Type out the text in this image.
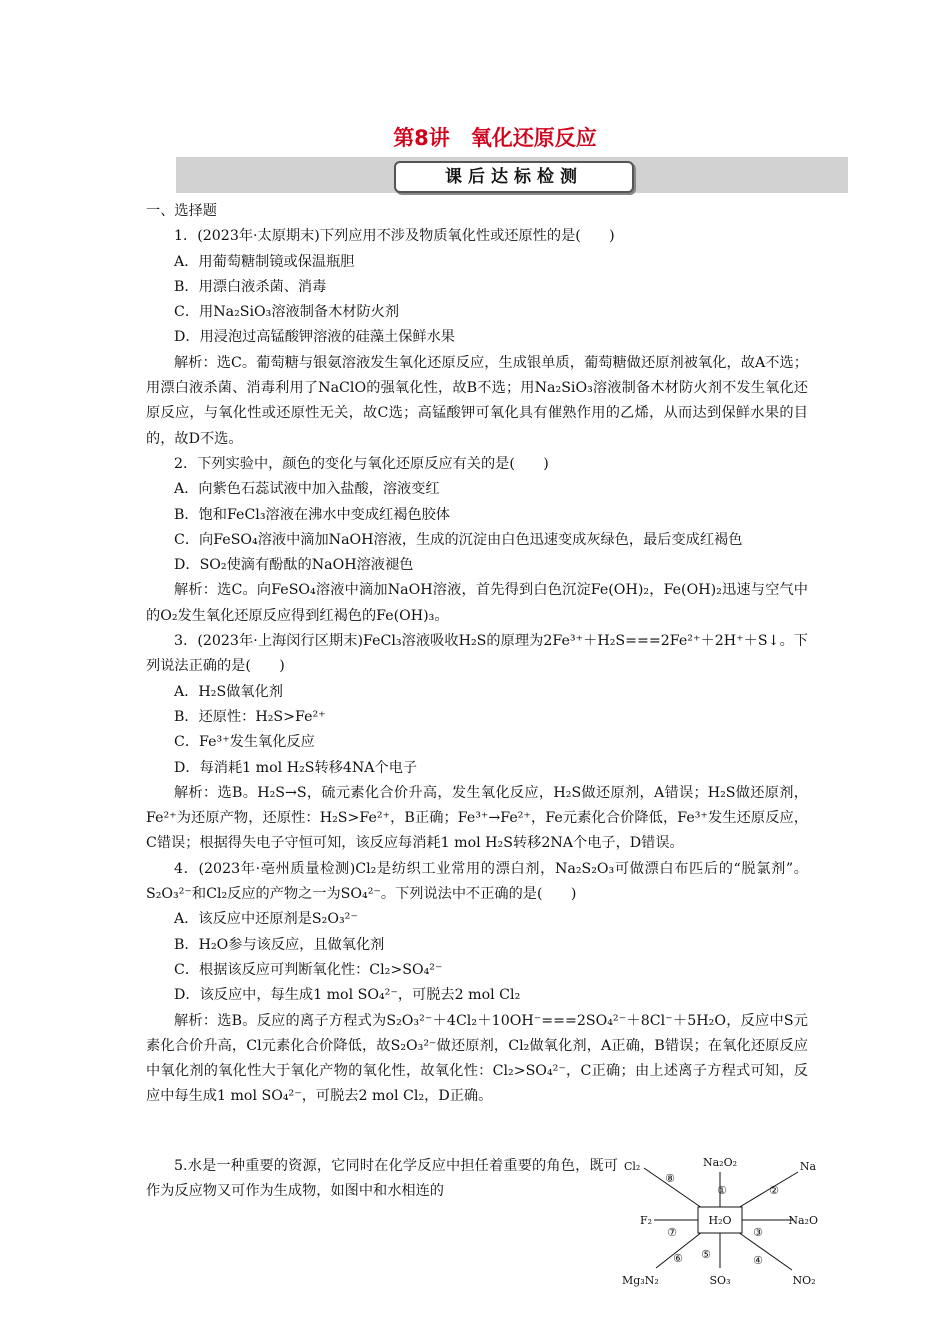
第8讲　氧化还原反应
课后达标检测

一、选择题

1．(2023年·太原期末)下列应用不涉及物质氧化性或还原性的是(　　)

A．用葡萄糖制镜或保温瓶胆

B．用漂白液杀菌、消毒

C．用Na₂SiO₃溶液制备木材防火剂

D．用浸泡过高锰酸钾溶液的硅藻土保鲜水果

解析：选C。葡萄糖与银氨溶液发生氧化还原反应，生成银单质，葡萄糖做还原剂被氧化，故A不选；用漂白液杀菌、消毒利用了NaClO的强氧化性，故B不选；用Na₂SiO₃溶液制备木材防火剂不发生氧化还原反应，与氧化性或还原性无关，故C选；高锰酸钾可氧化具有催熟作用的乙烯，从而达到保鲜水果的目的，故D不选。

2．下列实验中，颜色的变化与氧化还原反应有关的是(　　)

A．向紫色石蕊试液中加入盐酸，溶液变红

B．饱和FeCl₃溶液在沸水中变成红褐色胶体

C．向FeSO₄溶液中滴加NaOH溶液，生成的沉淀由白色迅速变成灰绿色，最后变成红褐色

D．SO₂使滴有酚酞的NaOH溶液褪色

解析：选C。向FeSO₄溶液中滴加NaOH溶液，首先得到白色沉淀Fe(OH)₂，Fe(OH)₂迅速与空气中的O₂发生氧化还原反应得到红褐色的Fe(OH)₃。

3．(2023年·上海闵行区期末)FeCl₃溶液吸收H₂S的原理为2Fe³⁺＋H₂S===2Fe²⁺＋2H⁺＋S↓。下列说法正确的是(　　)

A．H₂S做氧化剂

B．还原性：H₂S>Fe²⁺

C．Fe³⁺发生氧化反应

D．每消耗1 mol H₂S转移4NA个电子

解析：选B。H₂S→S，硫元素化合价升高，发生氧化反应，H₂S做还原剂，A错误；H₂S做还原剂，Fe²⁺为还原产物，还原性：H₂S>Fe²⁺，B正确；Fe³⁺→Fe²⁺，Fe元素化合价降低，Fe³⁺发生还原反应，C错误；根据得失电子守恒可知，该反应每消耗1 mol H₂S转移2NA个电子，D错误。

4．(2023年·亳州质量检测)Cl₂是纺织工业常用的漂白剂，Na₂S₂O₃可做漂白布匹后的“脱氯剂”。S₂O₃²⁻和Cl₂反应的产物之一为SO₄²⁻。下列说法中不正确的是(　　)

A．该反应中还原剂是S₂O₃²⁻

B．H₂O参与该反应，且做氧化剂

C．根据该反应可判断氧化性：Cl₂>SO₄²⁻

D．该反应中，每生成1 mol SO₄²⁻，可脱去2 mol Cl₂

解析：选B。反应的离子方程式为S₂O₃²⁻＋4Cl₂＋10OH⁻===2SO₄²⁻＋8Cl⁻＋5H₂O，反应中S元素化合价升高，Cl元素化合价降低，故S₂O₃²⁻做还原剂，Cl₂做氧化剂，A正确，B错误；在氧化还原反应中氧化剂的氧化性大于氧化产物的氧化性，故氧化性：Cl₂>SO₄²⁻，C正确；由上述离子方程式可知，反应中每生成1 mol SO₄²⁻，可脱去2 mol Cl₂，D正确。

5.水是一种重要的资源，它同时在化学反应中担任着重要的角色，既可作为反应物又可作为生成物，如图中和水相连的

H₂O
Na₂O₂
①
Na
②
Na₂O
③
NO₂
④
SO₃
⑤
Mg₃N₂
⑥
F₂
⑦
Cl₂
⑧
